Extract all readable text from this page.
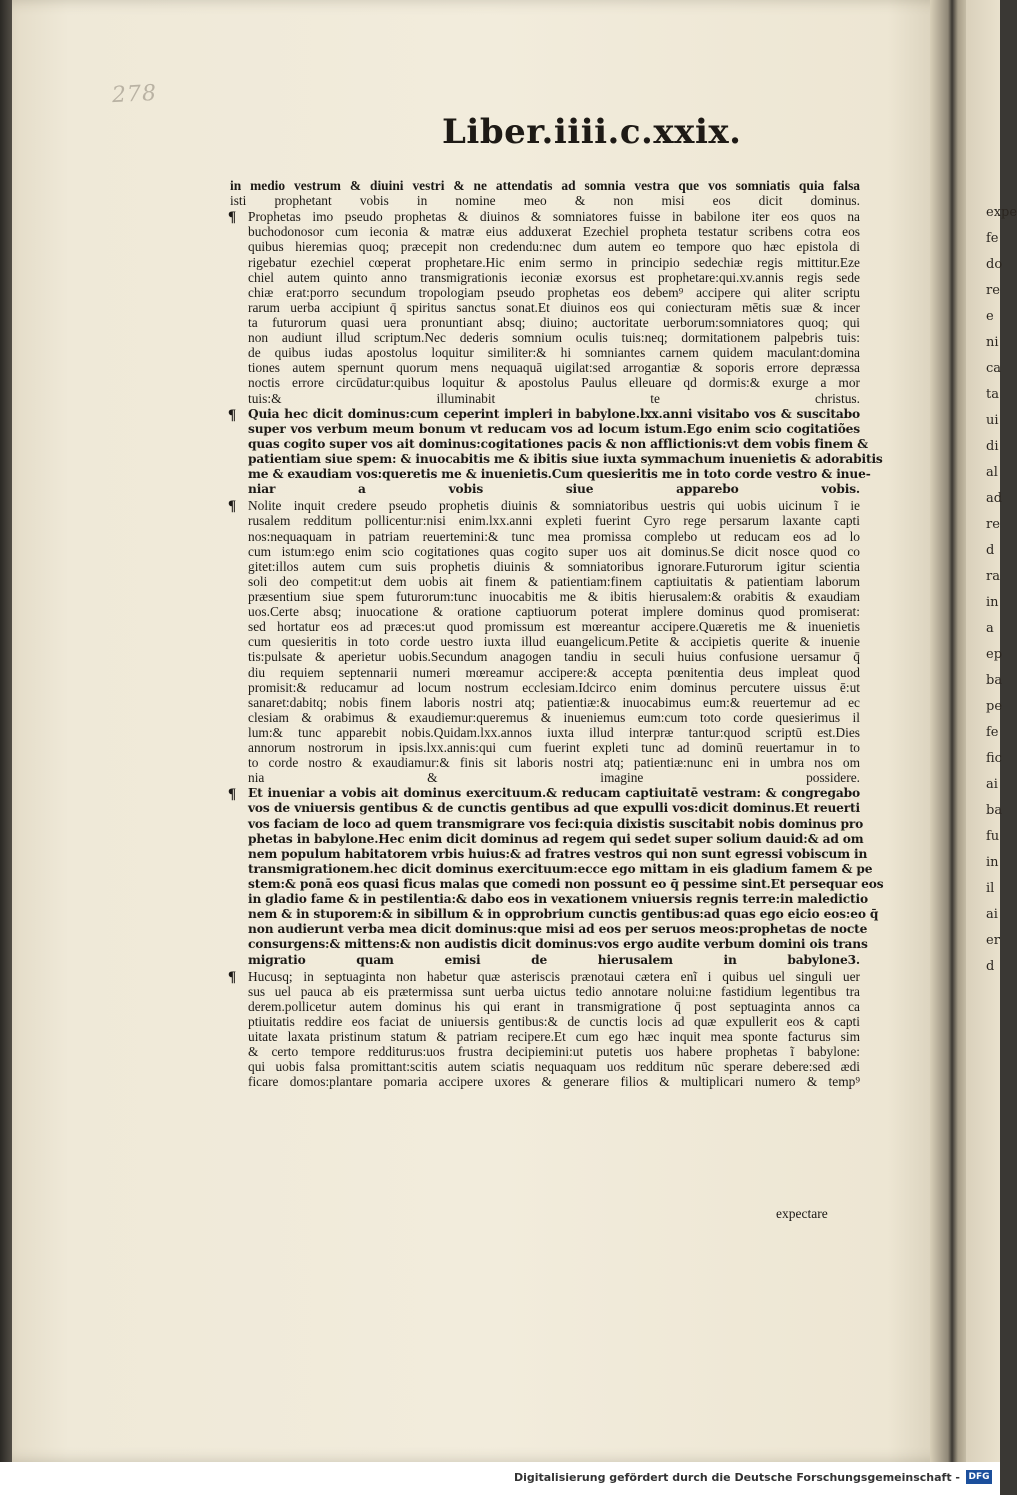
278
Liber.iiii.c.xxix.
in medio vestrum & diuini vestri & ne attendatis ad somnia vestra que vos somniatis quia falsa
isti prophetant vobis in nomine meo & non misi eos dicit dominus.
¶ Prophetas imo pseudo prophetas & diuinos & somniatores fuisse in babilone iter eos quos na
buchodonosor cum ieconia & matræ eius adduxerat Ezechiel propheta testatur scribens cotra eos
quibus hieremias quoq; præcepit non credendu:nec dum autem eo tempore quo hæc epistola di
rigebatur ezechiel cœperat prophetare.Hic enim sermo in principio sedechiæ regis mittitur.Eze
chiel autem quinto anno transmigrationis ieconiæ exorsus est prophetare:qui.xv.annis regis sede
chiæ erat:porro secundum tropologiam pseudo prophetas eos debem⁹ accipere qui aliter scriptu
rarum uerba accipiunt q̄ spiritus sanctus sonat.Et diuinos eos qui coniecturam mētis suæ & incer
ta futurorum quasi uera pronuntiant absq; diuino; auctoritate uerborum:somniatores quoq; qui
non audiunt illud scriptum.Nec dederis somnium oculis tuis:neq; dormitationem palpebris tuis:
de quibus iudas apostolus loquitur similiter:& hi somniantes carnem quidem maculant:domina
tiones autem spernunt quorum mens nequaquā uigilat:sed arrogantiæ & soporis errore depræssa
noctis errore circūdatur:quibus loquitur & apostolus Paulus elleuare qd dormis:& exurge a mor
tuis:& illuminabit te christus.
¶ Quia hec dicit dominus:cum ceperint impleri in babylone.lxx.anni visitabo vos & suscitabo
super vos verbum meum bonum vt reducam vos ad locum istum.Ego enim scio cogitatiões
quas cogito super vos ait dominus:cogitationes pacis & non afflictionis:vt dem vobis finem &
patientiam siue spem: & inuocabitis me & ibitis siue iuxta symmachum inuenietis & adorabitis
me & exaudiam vos:queretis me & inuenietis.Cum quesieritis me in toto corde vestro & inue-
niar a vobis siue apparebo vobis.
¶ Nolite inquit credere pseudo prophetis diuinis & somniatoribus uestris qui uobis uicinum ĩ ie
rusalem redditum pollicentur:nisi enim.lxx.anni expleti fuerint Cyro rege persarum laxante capti
nos:nequaquam in patriam reuertemini:& tunc mea promissa complebo ut reducam eos ad lo
cum istum:ego enim scio cogitationes quas cogito super uos ait dominus.Se dicit nosce quod co
gitet:illos autem cum suis prophetis diuinis & somniatoribus ignorare.Futurorum igitur scientia
soli deo competit:ut dem uobis ait finem & patientiam:finem captiuitatis & patientiam laborum
præsentium siue spem futurorum:tunc inuocabitis me & ibitis hierusalem:& orabitis & exaudiam
uos.Certe absq; inuocatione & oratione captiuorum poterat implere dominus quod promiserat:
sed hortatur eos ad præces:ut quod promissum est mœreantur accipere.Quæretis me & inuenietis
cum quesieritis in toto corde uestro iuxta illud euangelicum.Petite & accipietis querite & inuenie
tis:pulsate & aperietur uobis.Secundum anagogen tandiu in seculi huius confusione uersamur q̄
diu requiem septennarii numeri mœreamur accipere:& accepta pœnitentia deus impleat quod
promisit:& reducamur ad locum nostrum ecclesiam.Idcirco enim dominus percutere uissus ē:ut
sanaret:dabitq; nobis finem laboris nostri atq; patientiæ:& inuocabimus eum:& reuertemur ad ec
clesiam & orabimus & exaudiemur:queremus & inueniemus eum:cum toto corde quesierimus il
lum:& tunc apparebit nobis.Quidam.lxx.annos iuxta illud interpræ tantur:quod scriptū est.Dies
annorum nostrorum in ipsis.lxx.annis:qui cum fuerint expleti tunc ad dominū reuertamur in to
to corde nostro & exaudiamur:& finis sit laboris nostri atq; patientiæ:nunc eni in umbra nos om
nia & imagine possidere.
¶ Et inueniar a vobis ait dominus exercituum.& reducam captiuitatē vestram: & congregabo
vos de vniuersis gentibus & de cunctis gentibus ad que expulli vos:dicit dominus.Et reuerti
vos faciam de loco ad quem transmigrare vos feci:quia dixistis suscitabit nobis dominus pro
phetas in babylone.Hec enim dicit dominus ad regem qui sedet super solium dauid:& ad om
nem populum habitatorem vrbis huius:& ad fratres vestros qui non sunt egressi vobiscum in
transmigrationem.hec dicit dominus exercituum:ecce ego mittam in eis gladium famem & pe
stem:& ponā eos quasi ficus malas que comedi non possunt eo q̄ pessime sint.Et persequar eos
in gladio fame & in pestilentia:& dabo eos in vexationem vniuersis regnis terre:in maledictio
nem & in stuporem:& in sibillum & in opprobrium cunctis gentibus:ad quas ego eicio eos:eo q̄
non audierunt verba mea dicit dominus:que misi ad eos per seruos meos:prophetas de nocte
consurgens:& mittens:& non audistis dicit dominus:vos ergo audite verbum domini ois trans
migratio quam emisi de hierusalem in babylone3.
¶ Hucusq; in septuaginta non habetur quæ asteriscis prænotaui cætera enĩ i quibus uel singuli uer
sus uel pauca ab eis prætermissa sunt uerba uictus tedio annotare nolui:ne fastidium legentibus tra
derem.pollicetur autem dominus his qui erant in transmigratione q̄ post septuaginta annos ca
ptiuitatis reddire eos faciat de uniuersis gentibus:& de cunctis locis ad quæ expullerit eos & capti
uitate laxata pristinum statum & patriam recipere.Et cum ego hæc inquit mea sponte facturus sim
& certo tempore redditurus:uos frustra decipiemini:ut putetis uos habere prophetas ĩ babylone:
qui uobis falsa promittant:scitis autem sciatis nequaquam uos redditum nūc sperare debere:sed ædi
ficare domos:plantare pomaria accipere uxores & generare filios & multiplicari numero & temp⁹
expectare
expe
fe
do
re
e
ni
ca
ta
ui
di
al
ad
re
d
ra
in
a
ep
ba
pe
fe
fic
ai
ba
fu
in
il
ai
er
d
Digitalisierung gefördert durch die Deutsche Forschungsgemeinschaft - DFG
